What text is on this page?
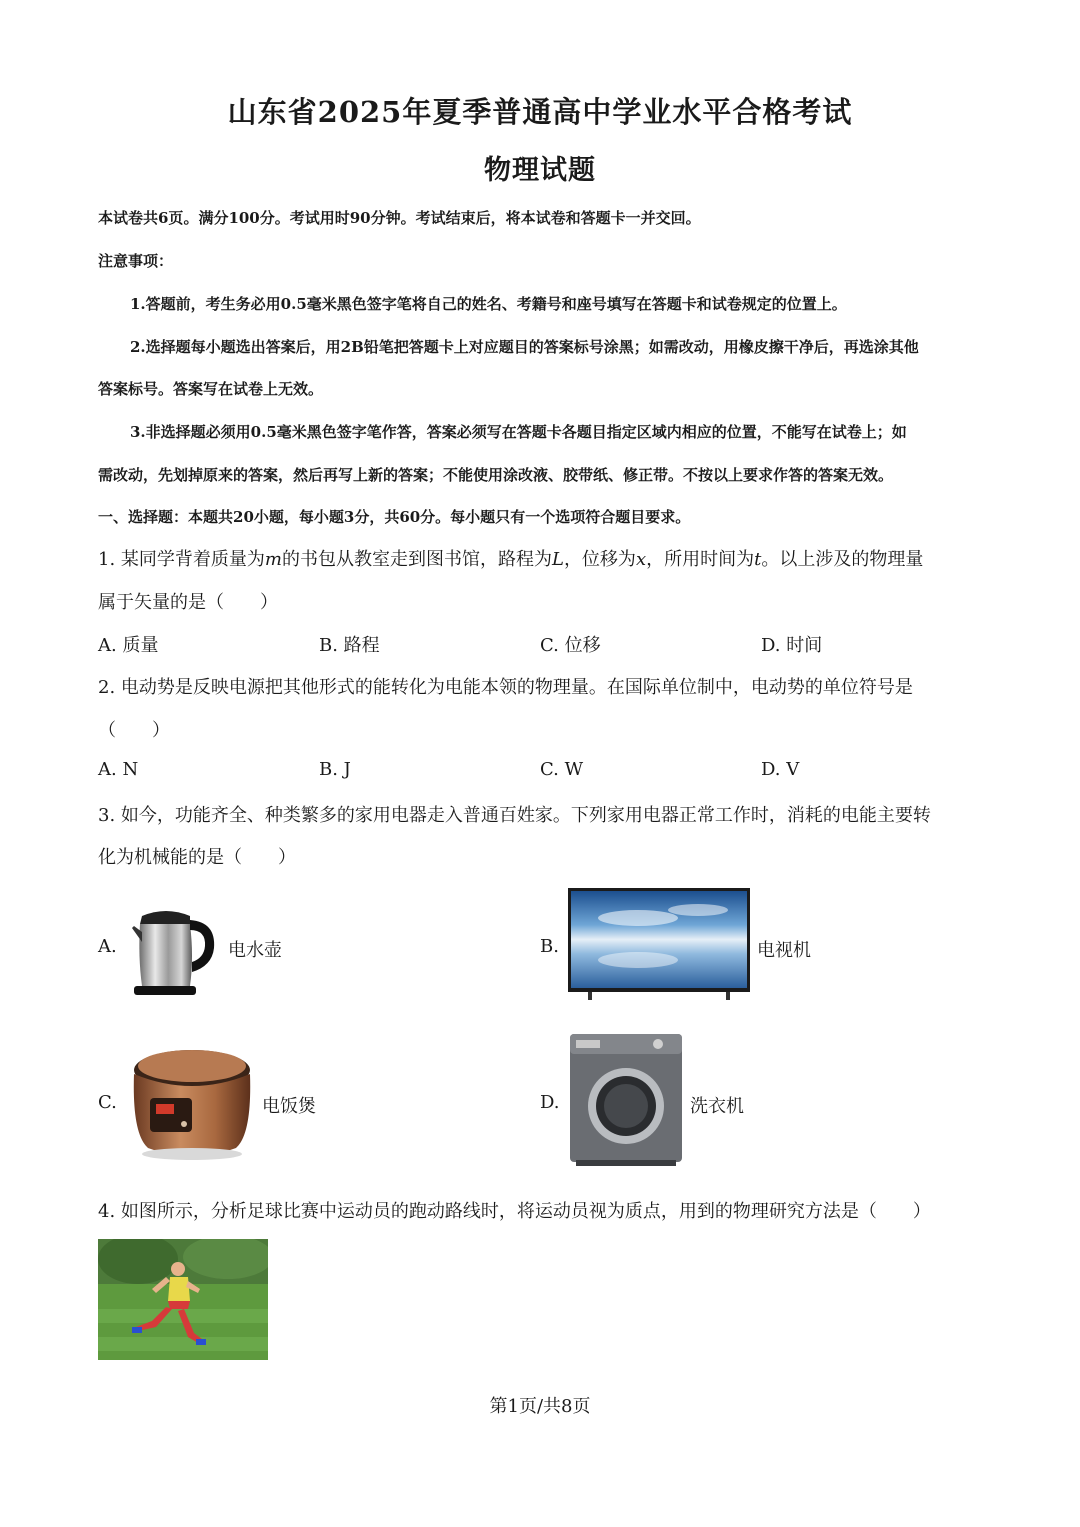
山东省2025年夏季普通高中学业水平合格考试
物理试题
本试卷共6页。满分100分。考试用时90分钟。考试结束后，将本试卷和答题卡一并交回。
注意事项：
1.答题前，考生务必用0.5毫米黑色签字笔将自己的姓名、考籍号和座号填写在答题卡和试卷规定的位置上。
2.选择题每小题选出答案后，用2B铅笔把答题卡上对应题目的答案标号涂黑；如需改动，用橡皮擦干净后，再选涂其他
答案标号。答案写在试卷上无效。
3.非选择题必须用0.5毫米黑色签字笔作答，答案必须写在答题卡各题目指定区域内相应的位置，不能写在试卷上；如
需改动，先划掉原来的答案，然后再写上新的答案；不能使用涂改液、胶带纸、修正带。不按以上要求作答的答案无效。
一、选择题：本题共20小题，每小题3分，共60分。每小题只有一个选项符合题目要求。
1. 某同学背着质量为m的书包从教室走到图书馆，路程为L，位移为x，所用时间为t。以上涉及的物理量
属于矢量的是（　　）
A. 质量	B. 路程	C. 位移	D. 时间
2. 电动势是反映电源把其他形式的能转化为电能本领的物理量。在国际单位制中，电动势的单位符号是
（　　）
A. N	B. J	C. W	D. V
3. 如今，功能齐全、种类繁多的家用电器走入普通百姓家。下列家用电器正常工作时，消耗的电能主要转
化为机械能的是（　　）
A.	电水壶	B.	电视机
C.	电饭煲	D.	洗衣机
4. 如图所示，分析足球比赛中运动员的跑动路线时，将运动员视为质点，用到的物理研究方法是（　　）
第1页/共8页
